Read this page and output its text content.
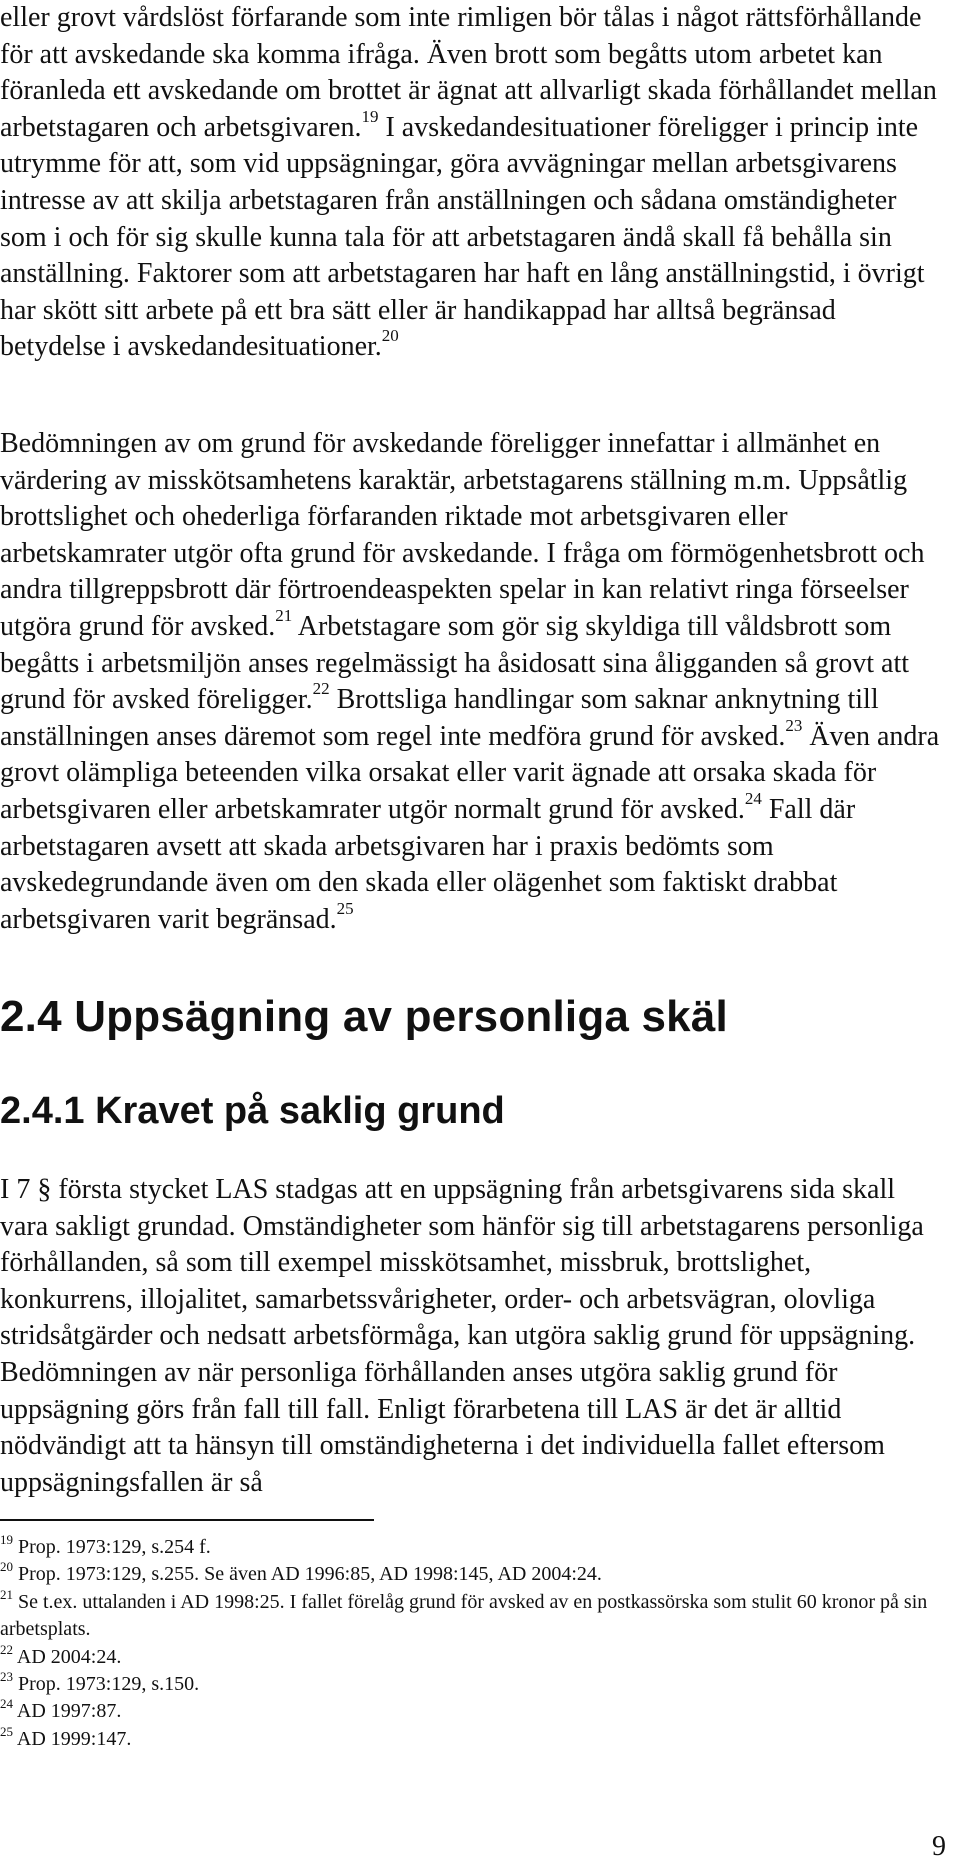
eller grovt vårdslöst förfarande som inte rimligen bör tålas i något rättsförhållande för att avskedande ska komma ifråga. Även brott som begåtts utom arbetet kan föranleda ett avskedande om brottet är ägnat att allvarligt skada förhållandet mellan arbetstagaren och arbetsgivaren.$^{19}$ I avskedandesituationer föreligger i princip inte utrymme för att, som vid uppsägningar, göra avvägningar mellan arbetsgivarens intresse av att skilja arbetstagaren från anställningen och sådana omständigheter som i och för sig skulle kunna tala för att arbetstagaren ändå skall få behålla sin anställning. Faktorer som att arbetstagaren har haft en lång anställningstid, i övrigt har skött sitt arbete på ett bra sätt eller är handikappad har alltså begränsad betydelse i avskedandesituationer.$^{20}$

Bedömningen av om grund för avskedande föreligger innefattar i allmänhet en värdering av misskötsamhetens karaktär, arbetstagarens ställning m.m. Uppsåtlig brottslighet och ohederliga förfaranden riktade mot arbetsgivaren eller arbetskamrater utgör ofta grund för avskedande. I fråga om förmögenhetsbrott och andra tillgreppsbrott där förtroendeaspekten spelar in kan relativt ringa förseelser utgöra grund för avsked.$^{21}$ Arbetstagare som gör sig skyldiga till våldsbrott som begåtts i arbetsmiljön anses regelmässigt ha åsidosatt sina åligganden så grovt att grund för avsked föreligger.$^{22}$ Brottsliga handlingar som saknar anknytning till anställningen anses däremot som regel inte medföra grund för avsked.$^{23}$ Även andra grovt olämpliga beteenden vilka orsakat eller varit ägnade att orsaka skada för arbetsgivaren eller arbetskamrater utgör normalt grund för avsked.$^{24}$ Fall där arbetstagaren avsett att skada arbetsgivaren har i praxis bedömts som avskedegrundande även om den skada eller olägenhet som faktiskt drabbat arbetsgivaren varit begränsad.$^{25}$

2.4 Uppsägning av personliga skäl
2.4.1 Kravet på saklig grund

I 7 § första stycket LAS stadgas att en uppsägning från arbetsgivarens sida skall vara sakligt grundad. Omständigheter som hänför sig till arbetstagarens personliga förhållanden, så som till exempel misskötsamhet, missbruk, brottslighet, konkurrens, illojalitet, samarbetssvårigheter, order- och arbetsvägran, olovliga stridsåtgärder och nedsatt arbetsförmåga, kan utgöra saklig grund för uppsägning. Bedömningen av när personliga förhållanden anses utgöra saklig grund för uppsägning görs från fall till fall. Enligt förarbetena till LAS är det är alltid nödvändigt att ta hänsyn till omständigheterna i det individuella fallet eftersom uppsägningsfallen är så

$^{19}$ Prop. 1973:129, s.254 f.

$^{20}$ Prop. 1973:129, s.255. Se även AD 1996:85, AD 1998:145, AD 2004:24.

$^{21}$ Se t.ex. uttalanden i AD 1998:25. I fallet förelåg grund för avsked av en postkassörska som stulit 60 kronor på sin arbetsplats.

$^{22}$ AD 2004:24.

$^{23}$ Prop. 1973:129, s.150.

$^{24}$ AD 1997:87.

$^{25}$ AD 1999:147.

9
